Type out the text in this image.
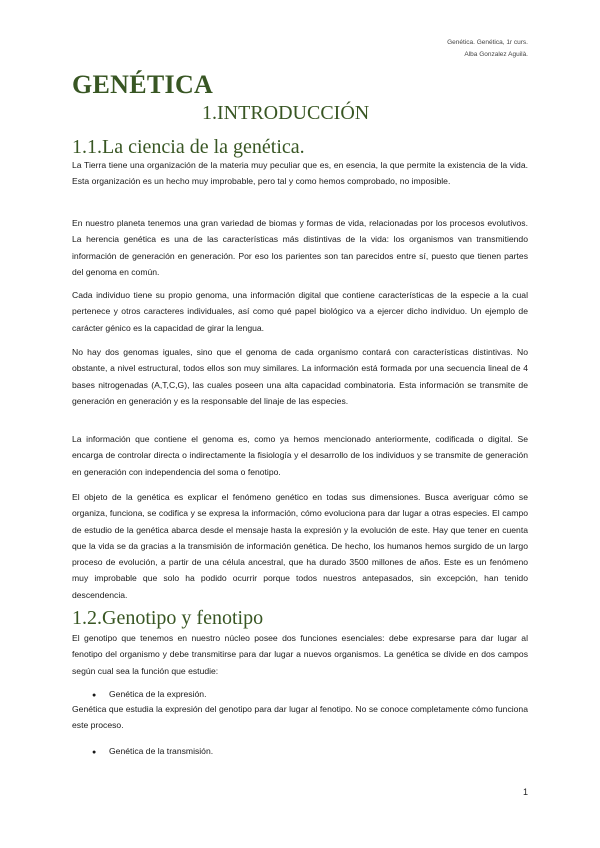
Genética. Genética, 1r curs.
Alba Gonzalez Aguilà.
GENÉTICA
1.INTRODUCCIÓN
1.1.La ciencia de la genética.
La Tierra tiene una organización de la materia muy peculiar que es, en esencia, la que permite la existencia de la vida. Esta organización es un hecho muy improbable, pero tal y como hemos comprobado, no imposible.
En nuestro planeta tenemos una gran variedad de biomas y formas de vida, relacionadas por los procesos evolutivos. La herencia genética es una de las características más distintivas de la vida: los organismos van transmitiendo información de generación en generación. Por eso los parientes son tan parecidos entre sí, puesto que tienen partes del genoma en común.
Cada individuo tiene su propio genoma, una información digital que contiene características de la especie a la cual pertenece y otros caracteres individuales, así como qué papel biológico va a ejercer dicho individuo. Un ejemplo de carácter génico es la capacidad de girar la lengua.
No hay dos genomas iguales, sino que el genoma de cada organismo contará con características distintivas. No obstante, a nivel estructural, todos ellos son muy similares. La información está formada por una secuencia lineal de 4 bases nitrogenadas (A,T,C,G), las cuales poseen una alta capacidad combinatoria. Esta información se transmite de generación en generación y es la responsable del linaje de las especies.
La información que contiene el genoma es, como ya hemos mencionado anteriormente, codificada o digital. Se encarga de controlar directa o indirectamente la fisiología y el desarrollo de los individuos y se transmite de generación en generación con independencia del soma o fenotipo.
El objeto de la genética es explicar el fenómeno genético en todas sus dimensiones. Busca averiguar cómo se organiza, funciona, se codifica y se expresa la información, cómo evoluciona para dar lugar a otras especies. El campo de estudio de la genética abarca desde el mensaje hasta la expresión y la evolución de este. Hay que tener en cuenta que la vida se da gracias a la transmisión de información genética. De hecho, los humanos hemos surgido de un largo proceso de evolución, a partir de una célula ancestral, que ha durado 3500 millones de años. Este es un fenómeno muy improbable que solo ha podido ocurrir porque todos nuestros antepasados, sin excepción, han tenido descendencia.
1.2.Genotipo y fenotipo
El genotipo que tenemos en nuestro núcleo posee dos funciones esenciales: debe expresarse para dar lugar al fenotipo del organismo y debe transmitirse para dar lugar a nuevos organismos. La genética se divide en dos campos según cual sea la función que estudie:
● Genética de la expresión.
Genética que estudia la expresión del genotipo para dar lugar al fenotipo. No se conoce completamente cómo funciona este proceso.
● Genética de la transmisión.
1
